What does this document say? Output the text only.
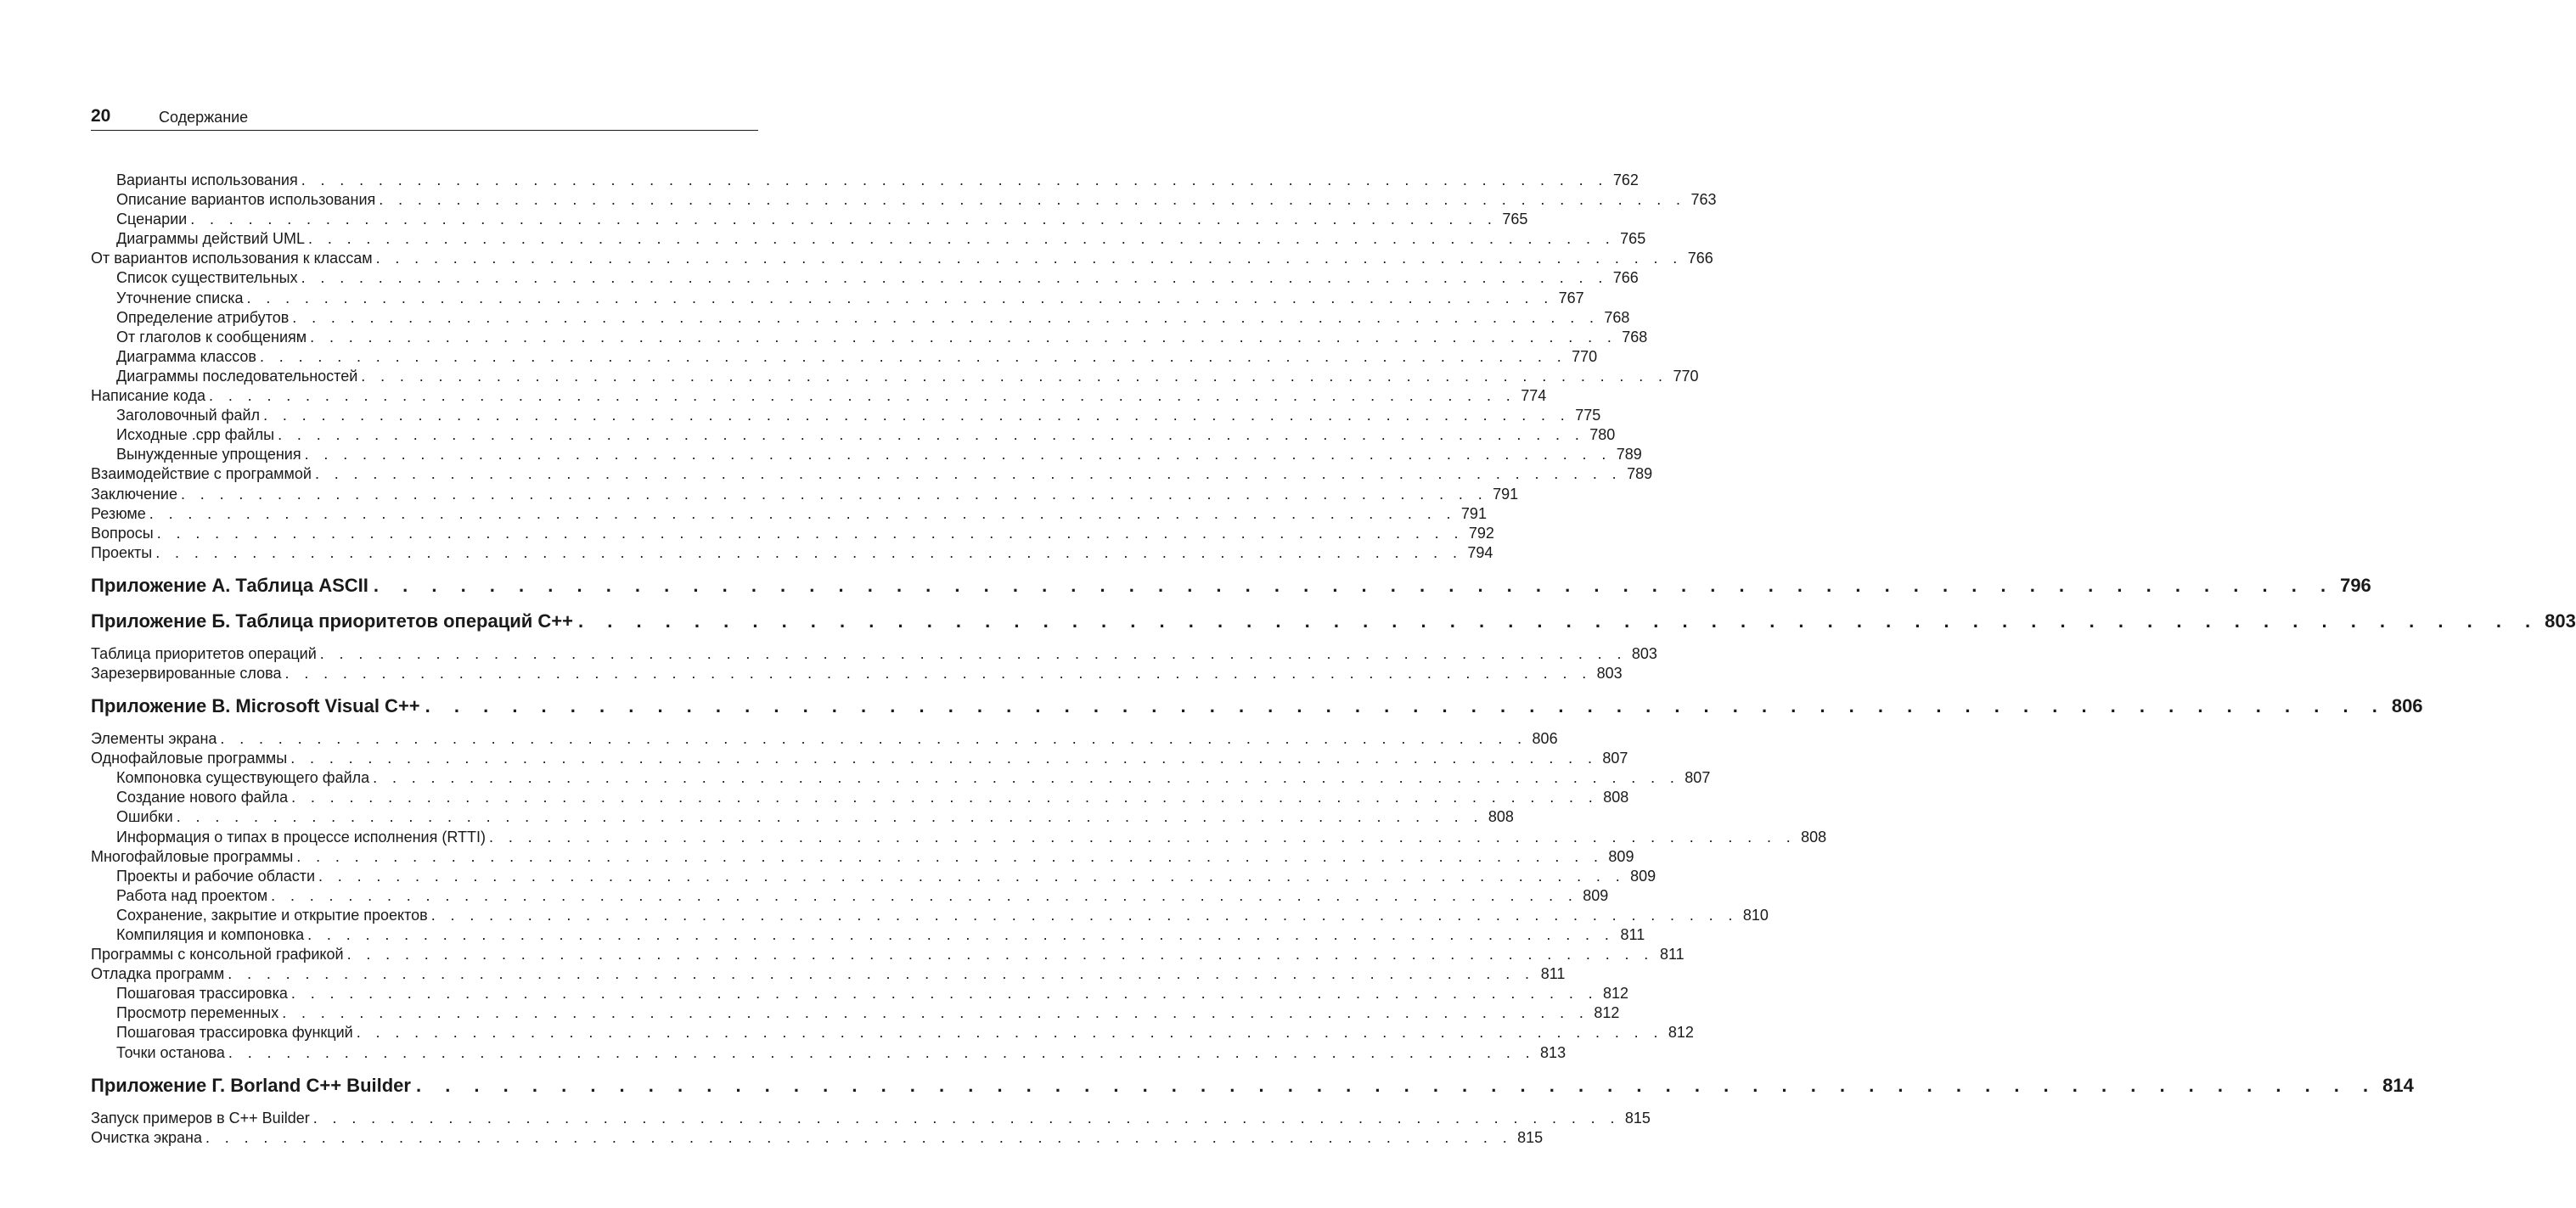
20	Содержание
Варианты использования . . . . . . . . . . . . . . . . . . . . . . . . . . . . . . . . . . . . . . . . . . . . . . . . . . . . . . . . . . . . . . . . . . . . 762
Описание вариантов использования . . . . . . . . . . . . . . . . . . . . . . . . . . . . . . . . . . . . . . . . . . . . . . . . . . . . . . . . . . . . . . . . . . . . 763
Сценарии . . . . . . . . . . . . . . . . . . . . . . . . . . . . . . . . . . . . . . . . . . . . . . . . . . . . . . . . . . . . . . . . . . . . 765
Диаграммы действий UML . . . . . . . . . . . . . . . . . . . . . . . . . . . . . . . . . . . . . . . . . . . . . . . . . . . . . . . . . . . . . . . . . . . . 765
От вариантов использования к классам . . . . . . . . . . . . . . . . . . . . . . . . . . . . . . . . . . . . . . . . . . . . . . . . . . . . . . . . . . . . . . . . . . . . 766
Список существительных . . . . . . . . . . . . . . . . . . . . . . . . . . . . . . . . . . . . . . . . . . . . . . . . . . . . . . . . . . . . . . . . . . . . 766
Уточнение списка . . . . . . . . . . . . . . . . . . . . . . . . . . . . . . . . . . . . . . . . . . . . . . . . . . . . . . . . . . . . . . . . . . . . 767
Определение атрибутов . . . . . . . . . . . . . . . . . . . . . . . . . . . . . . . . . . . . . . . . . . . . . . . . . . . . . . . . . . . . . . . . . . . . 768
От глаголов к сообщениям . . . . . . . . . . . . . . . . . . . . . . . . . . . . . . . . . . . . . . . . . . . . . . . . . . . . . . . . . . . . . . . . . . . . 768
Диаграмма классов . . . . . . . . . . . . . . . . . . . . . . . . . . . . . . . . . . . . . . . . . . . . . . . . . . . . . . . . . . . . . . . . . . . . 770
Диаграммы последовательностей . . . . . . . . . . . . . . . . . . . . . . . . . . . . . . . . . . . . . . . . . . . . . . . . . . . . . . . . . . . . . . . . . . . . 770
Написание кода . . . . . . . . . . . . . . . . . . . . . . . . . . . . . . . . . . . . . . . . . . . . . . . . . . . . . . . . . . . . . . . . . . . . 774
Заголовочный файл . . . . . . . . . . . . . . . . . . . . . . . . . . . . . . . . . . . . . . . . . . . . . . . . . . . . . . . . . . . . . . . . . . . . 775
Исходные .cpp файлы . . . . . . . . . . . . . . . . . . . . . . . . . . . . . . . . . . . . . . . . . . . . . . . . . . . . . . . . . . . . . . . . . . . . 780
Вынужденные упрощения . . . . . . . . . . . . . . . . . . . . . . . . . . . . . . . . . . . . . . . . . . . . . . . . . . . . . . . . . . . . . . . . . . . . 789
Взаимодействие с программой . . . . . . . . . . . . . . . . . . . . . . . . . . . . . . . . . . . . . . . . . . . . . . . . . . . . . . . . . . . . . . . . . . . . 789
Заключение . . . . . . . . . . . . . . . . . . . . . . . . . . . . . . . . . . . . . . . . . . . . . . . . . . . . . . . . . . . . . . . . . . . . 791
Резюме . . . . . . . . . . . . . . . . . . . . . . . . . . . . . . . . . . . . . . . . . . . . . . . . . . . . . . . . . . . . . . . . . . . . 791
Вопросы . . . . . . . . . . . . . . . . . . . . . . . . . . . . . . . . . . . . . . . . . . . . . . . . . . . . . . . . . . . . . . . . . . . . 792
Проекты . . . . . . . . . . . . . . . . . . . . . . . . . . . . . . . . . . . . . . . . . . . . . . . . . . . . . . . . . . . . . . . . . . . . 794
Приложение А. Таблица ASCII . . . . . . . . . . . . . . . . . . . . . . . . . . . . . . . . . . . . . . . . . . . . . . . . . . . . . . . . . . . . . . . . . . . . 796
Приложение Б. Таблица приоритетов операций C++ . . . . . . . . . . . . . . . . . . . . . . . . . . . . . . . . . . . . . . . . . . . . . . . . . . . . . . . . . . . . . . . . . . . . 803
Таблица приоритетов операций . . . . . . . . . . . . . . . . . . . . . . . . . . . . . . . . . . . . . . . . . . . . . . . . . . . . . . . . . . . . . . . . . . . . 803
Зарезервированные слова . . . . . . . . . . . . . . . . . . . . . . . . . . . . . . . . . . . . . . . . . . . . . . . . . . . . . . . . . . . . . . . . . . . . 803
Приложение В. Microsoft Visual C++ . . . . . . . . . . . . . . . . . . . . . . . . . . . . . . . . . . . . . . . . . . . . . . . . . . . . . . . . . . . . . . . . . . . . 806
Элементы экрана . . . . . . . . . . . . . . . . . . . . . . . . . . . . . . . . . . . . . . . . . . . . . . . . . . . . . . . . . . . . . . . . . . . . 806
Однофайловые программы . . . . . . . . . . . . . . . . . . . . . . . . . . . . . . . . . . . . . . . . . . . . . . . . . . . . . . . . . . . . . . . . . . . . 807
Компоновка существующего файла . . . . . . . . . . . . . . . . . . . . . . . . . . . . . . . . . . . . . . . . . . . . . . . . . . . . . . . . . . . . . . . . . . . . 807
Создание нового файла . . . . . . . . . . . . . . . . . . . . . . . . . . . . . . . . . . . . . . . . . . . . . . . . . . . . . . . . . . . . . . . . . . . . 808
Ошибки . . . . . . . . . . . . . . . . . . . . . . . . . . . . . . . . . . . . . . . . . . . . . . . . . . . . . . . . . . . . . . . . . . . . 808
Информация о типах в процессе исполнения (RTTI) . . . . . . . . . . . . . . . . . . . . . . . . . . . . . . . . . . . . . . . . . . . . . . . . . . . . . . . . . . . . . . . . . . . . 808
Многофайловые программы . . . . . . . . . . . . . . . . . . . . . . . . . . . . . . . . . . . . . . . . . . . . . . . . . . . . . . . . . . . . . . . . . . . . 809
Проекты и рабочие области . . . . . . . . . . . . . . . . . . . . . . . . . . . . . . . . . . . . . . . . . . . . . . . . . . . . . . . . . . . . . . . . . . . . 809
Работа над проектом . . . . . . . . . . . . . . . . . . . . . . . . . . . . . . . . . . . . . . . . . . . . . . . . . . . . . . . . . . . . . . . . . . . . 809
Сохранение, закрытие и открытие проектов . . . . . . . . . . . . . . . . . . . . . . . . . . . . . . . . . . . . . . . . . . . . . . . . . . . . . . . . . . . . . . . . . . . . 810
Компиляция и компоновка . . . . . . . . . . . . . . . . . . . . . . . . . . . . . . . . . . . . . . . . . . . . . . . . . . . . . . . . . . . . . . . . . . . . 811
Программы с консольной графикой . . . . . . . . . . . . . . . . . . . . . . . . . . . . . . . . . . . . . . . . . . . . . . . . . . . . . . . . . . . . . . . . . . . . 811
Отладка программ . . . . . . . . . . . . . . . . . . . . . . . . . . . . . . . . . . . . . . . . . . . . . . . . . . . . . . . . . . . . . . . . . . . . 811
Пошаговая трассировка . . . . . . . . . . . . . . . . . . . . . . . . . . . . . . . . . . . . . . . . . . . . . . . . . . . . . . . . . . . . . . . . . . . . 812
Просмотр переменных . . . . . . . . . . . . . . . . . . . . . . . . . . . . . . . . . . . . . . . . . . . . . . . . . . . . . . . . . . . . . . . . . . . . 812
Пошаговая трассировка функций . . . . . . . . . . . . . . . . . . . . . . . . . . . . . . . . . . . . . . . . . . . . . . . . . . . . . . . . . . . . . . . . . . . . 812
Точки останова . . . . . . . . . . . . . . . . . . . . . . . . . . . . . . . . . . . . . . . . . . . . . . . . . . . . . . . . . . . . . . . . . . . . 813
Приложение Г. Borland C++ Builder . . . . . . . . . . . . . . . . . . . . . . . . . . . . . . . . . . . . . . . . . . . . . . . . . . . . . . . . . . . . . . . . . . . . 814
Запуск примеров в C++ Builder . . . . . . . . . . . . . . . . . . . . . . . . . . . . . . . . . . . . . . . . . . . . . . . . . . . . . . . . . . . . . . . . . . . . 815
Очистка экрана . . . . . . . . . . . . . . . . . . . . . . . . . . . . . . . . . . . . . . . . . . . . . . . . . . . . . . . . . . . . . . . . . . . . 815
